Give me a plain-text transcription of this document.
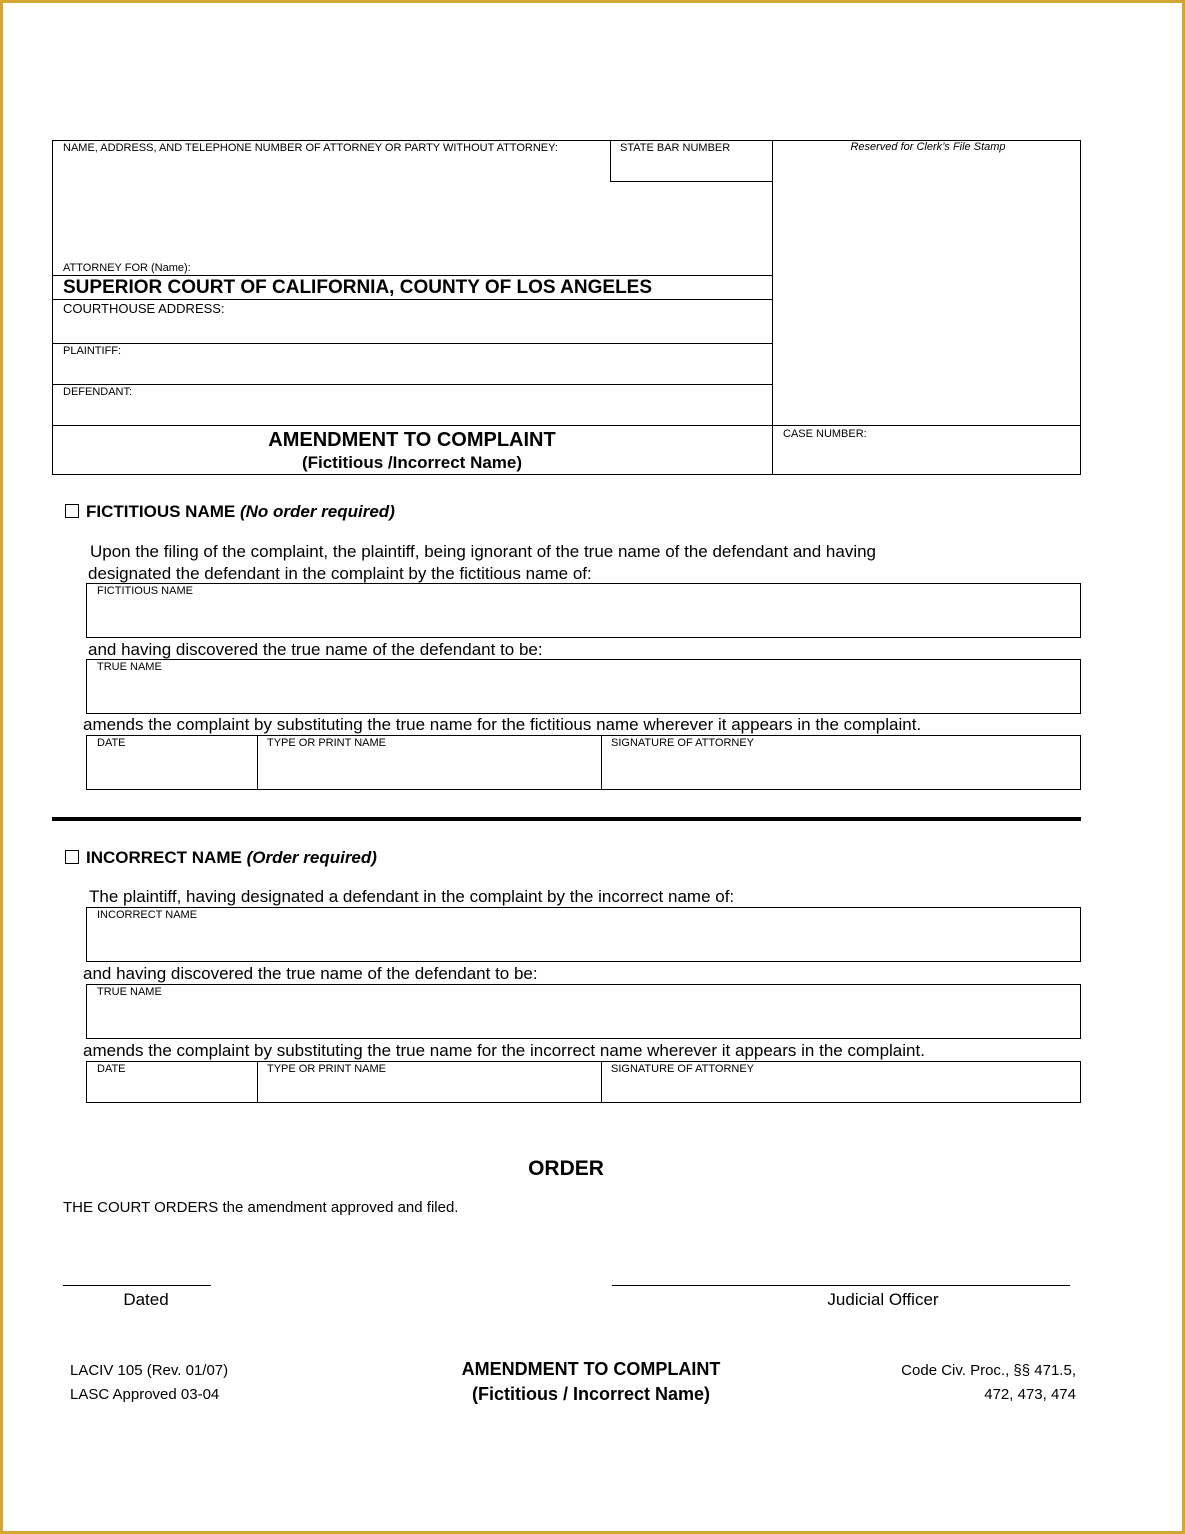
NAME, ADDRESS, AND TELEPHONE NUMBER OF ATTORNEY OR PARTY WITHOUT ATTORNEY:	STATE BAR NUMBER	Reserved for Clerk’s File Stamp
ATTORNEY FOR (Name):
SUPERIOR COURT OF CALIFORNIA, COUNTY OF LOS ANGELES
COURTHOUSE ADDRESS:
PLAINTIFF:
DEFENDANT:
AMENDMENT TO COMPLAINT
(Fictitious /Incorrect Name)
CASE NUMBER:
FICTITIOUS NAME (No order required)
Upon the filing of the complaint, the plaintiff, being ignorant of the true name of the defendant and having
designated the defendant in the complaint by the fictitious name of:
FICTITIOUS NAME
and having discovered the true name of the defendant to be:
TRUE NAME
amends the complaint by substituting the true name for the fictitious name wherever it appears in the complaint.
DATE	TYPE OR PRINT NAME	SIGNATURE OF ATTORNEY
INCORRECT NAME (Order required)
The plaintiff, having designated a defendant in the complaint by the incorrect name of:
INCORRECT NAME
and having discovered the true name of the defendant to be:
TRUE NAME
amends the complaint by substituting the true name for the incorrect name wherever it appears in the complaint.
DATE	TYPE OR PRINT NAME	SIGNATURE OF ATTORNEY
ORDER
THE COURT ORDERS the amendment approved and filed.
Dated	Judicial Officer
LACIV 105 (Rev. 01/07)
LASC Approved 03-04
AMENDMENT TO COMPLAINT
(Fictitious / Incorrect Name)
Code Civ. Proc., §§ 471.5,
472, 473, 474
